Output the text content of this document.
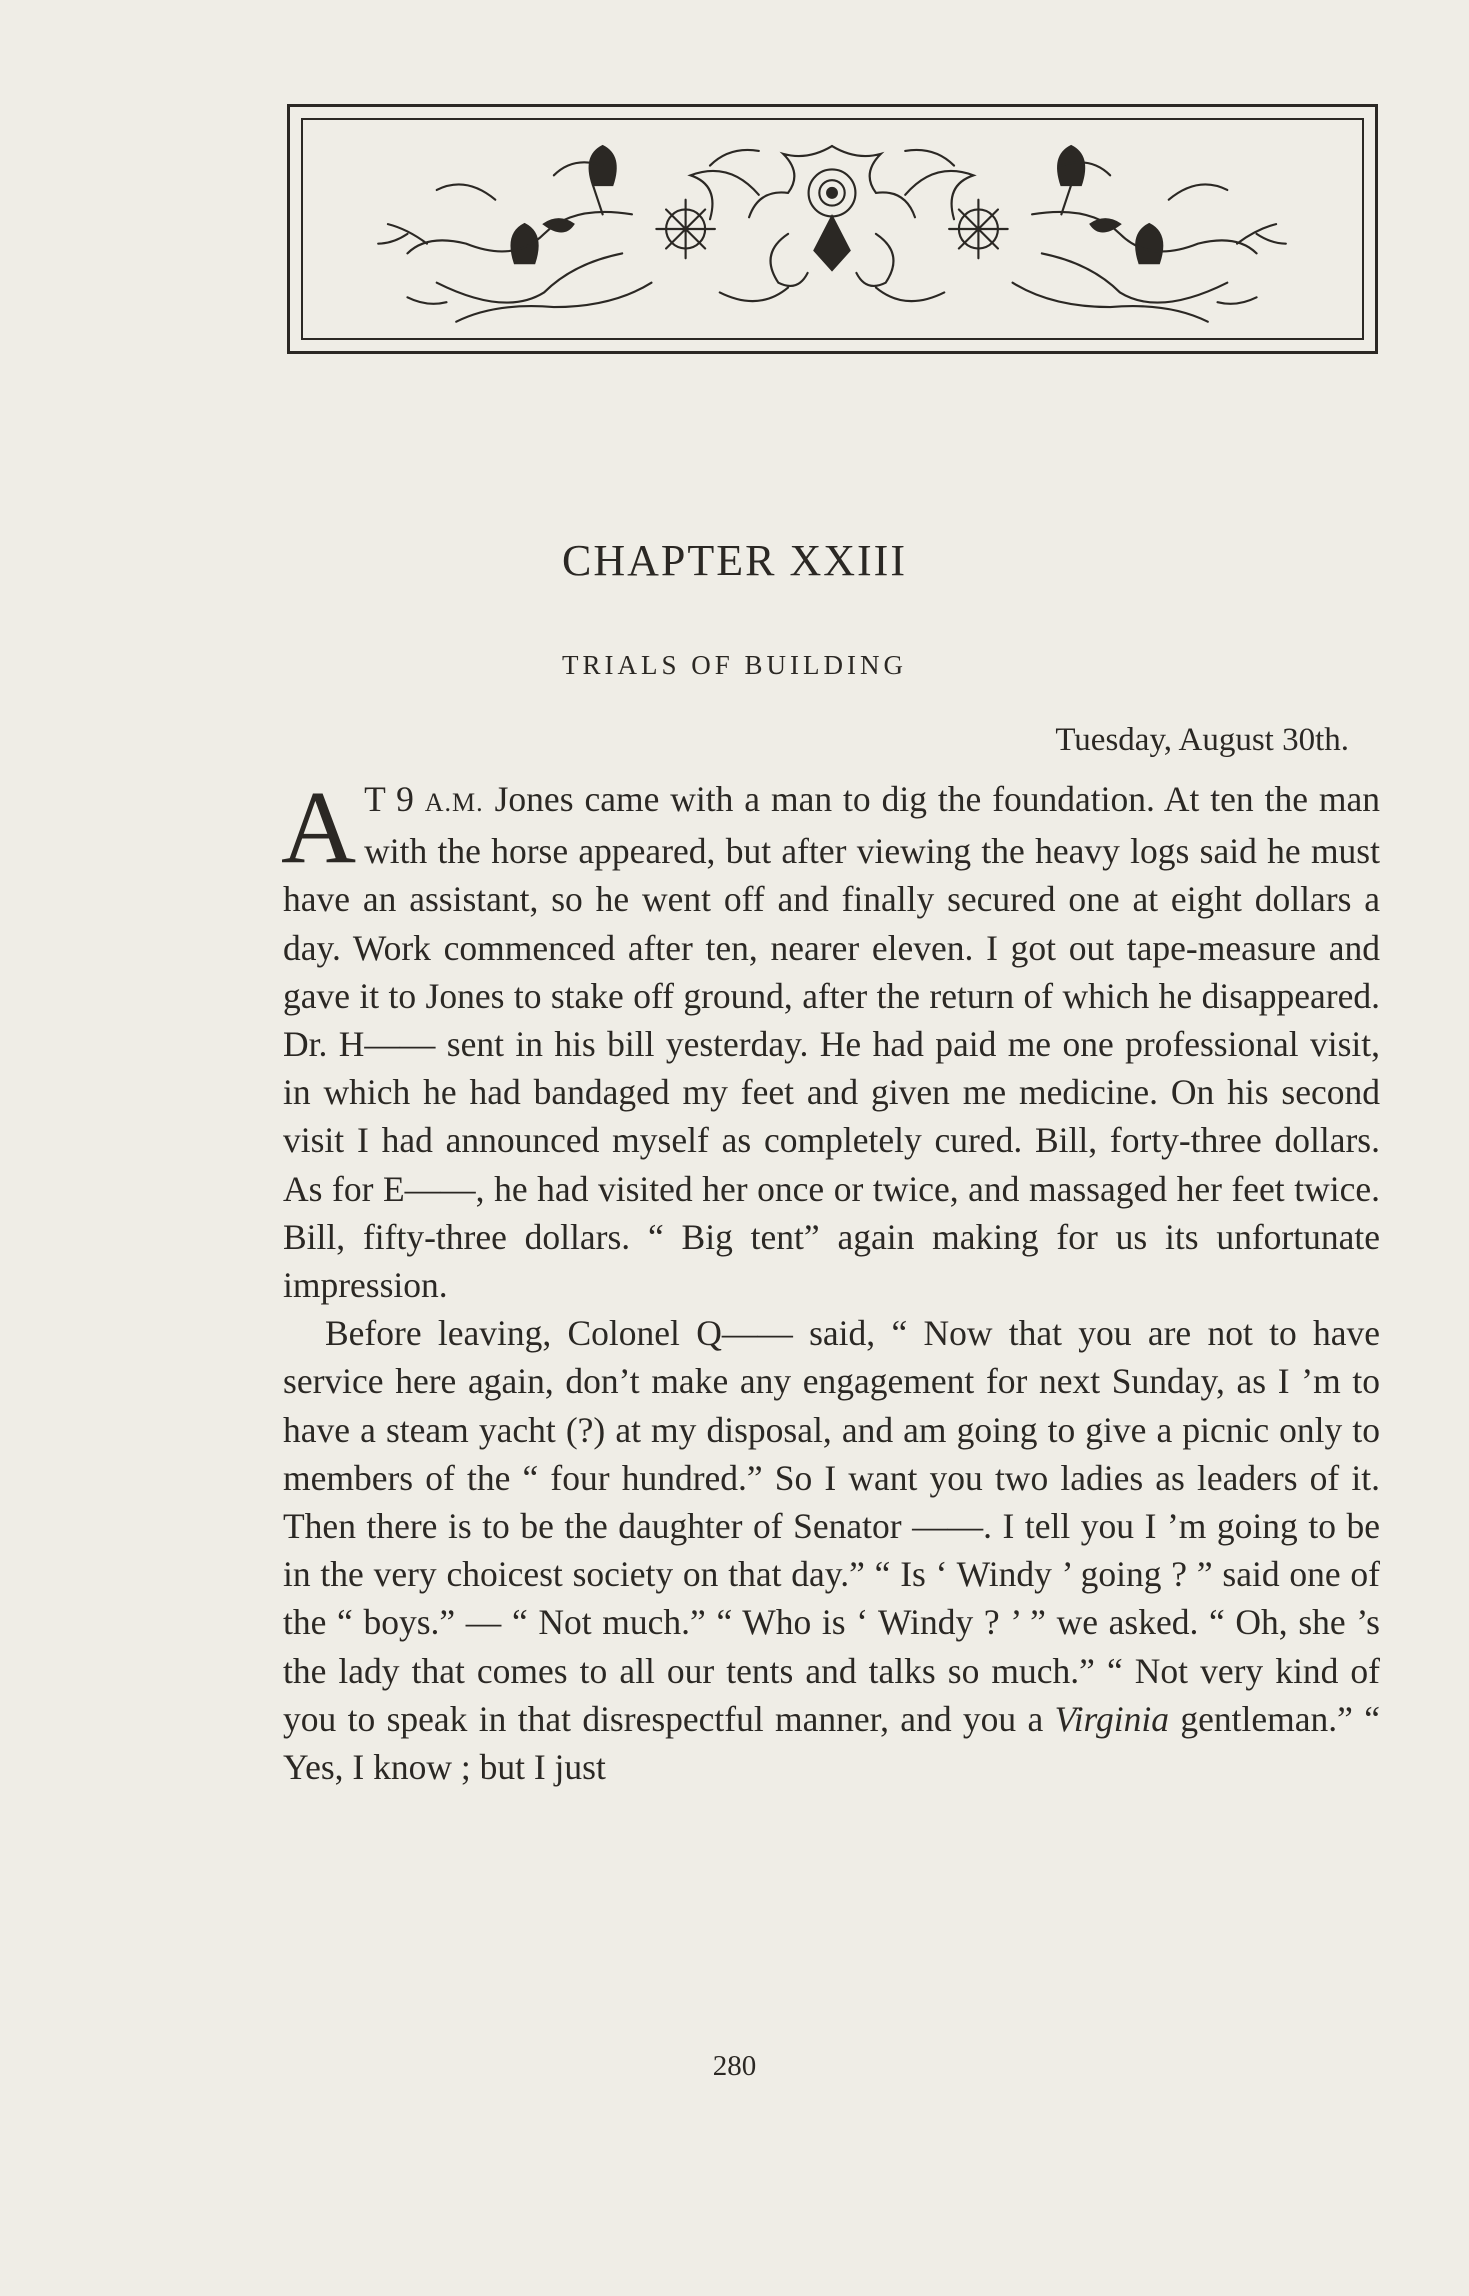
CHAPTER XXIII
TRIALS OF BUILDING
Tuesday, August 30th.

A T 9 A.M. Jones came with a man to dig the foundation. At ten the man with the horse appeared, but after viewing the heavy logs said he must have an assistant, so he went off and finally secured one at eight dollars a day. Work commenced after ten, nearer eleven. I got out tape-measure and gave it to Jones to stake off ground, after the return of which he disappeared. Dr. H—— sent in his bill yesterday. He had paid me one professional visit, in which he had bandaged my feet and given me medicine. On his second visit I had announced myself as completely cured. Bill, forty-three dollars. As for E——, he had visited her once or twice, and massaged her feet twice. Bill, fifty-three dollars. “ Big tent” again making for us its unfortunate impression.

Before leaving, Colonel Q—— said, “ Now that you are not to have service here again, don’t make any engagement for next Sunday, as I ’m to have a steam yacht (?) at my disposal, and am going to give a picnic only to members of the “ four hundred.” So I want you two ladies as leaders of it. Then there is to be the daughter of Senator ——. I tell you I ’m going to be in the very choicest society on that day.” “ Is ‘ Windy ’ going ? ” said one of the “ boys.” — “ Not much.” “ Who is ‘ Windy ? ’ ” we asked. “ Oh, she ’s the lady that comes to all our tents and talks so much.” “ Not very kind of you to speak in that disrespectful manner, and you a Virginia gentleman.” “ Yes, I know ; but I just

280
